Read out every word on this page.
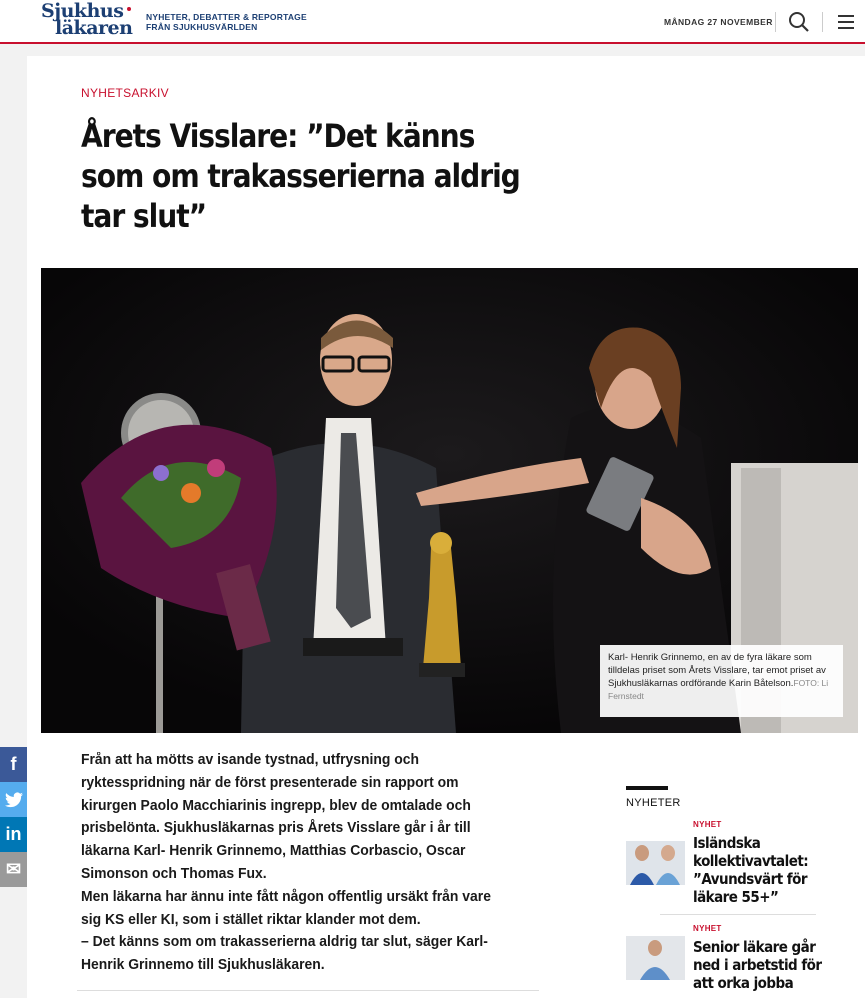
Sjukhus
läkaren NYHETER, DEBATTER & REPORTAGE
FRÅN SJUKHUSVÄRLDEN	MÅNDAG 27 NOVEMBER
NYHETSARKIV
Årets Visslare: ”Det känns som om trakasserierna aldrig tar slut”
Karl- Henrik Grinnemo, en av de fyra läkare som tilldelas priset som Årets Visslare, tar emot priset av Sjukhusläkarnas ordförande Karin Båtelson.FOTO: Li Fernstedt
f
in
✉

Från att ha mötts av isande tystnad, utfrysning och ryktesspridning när de först presenterade sin rapport om kirurgen Paolo Macchiarinis ingrepp, blev de omtalade och prisbelönta. Sjukhusläkarnas pris Årets Visslare går i år till läkarna Karl- Henrik Grinnemo, Matthias Corbascio, Oscar Simonson och Thomas Fux.

Men läkarna har ännu inte fått någon offentlig ursäkt från vare sig KS eller KI, som i stället riktar klander mot dem.

– Det känns som om trakasserierna aldrig tar slut, säger Karl-Henrik Grinnemo till Sjukhusläkaren.

NYHETER
NYHET
Isländska kollektivavtalet: ”Avundsvärt för läkare 55+”
NYHET
Senior läkare går ned i arbetstid för att orka jobba
